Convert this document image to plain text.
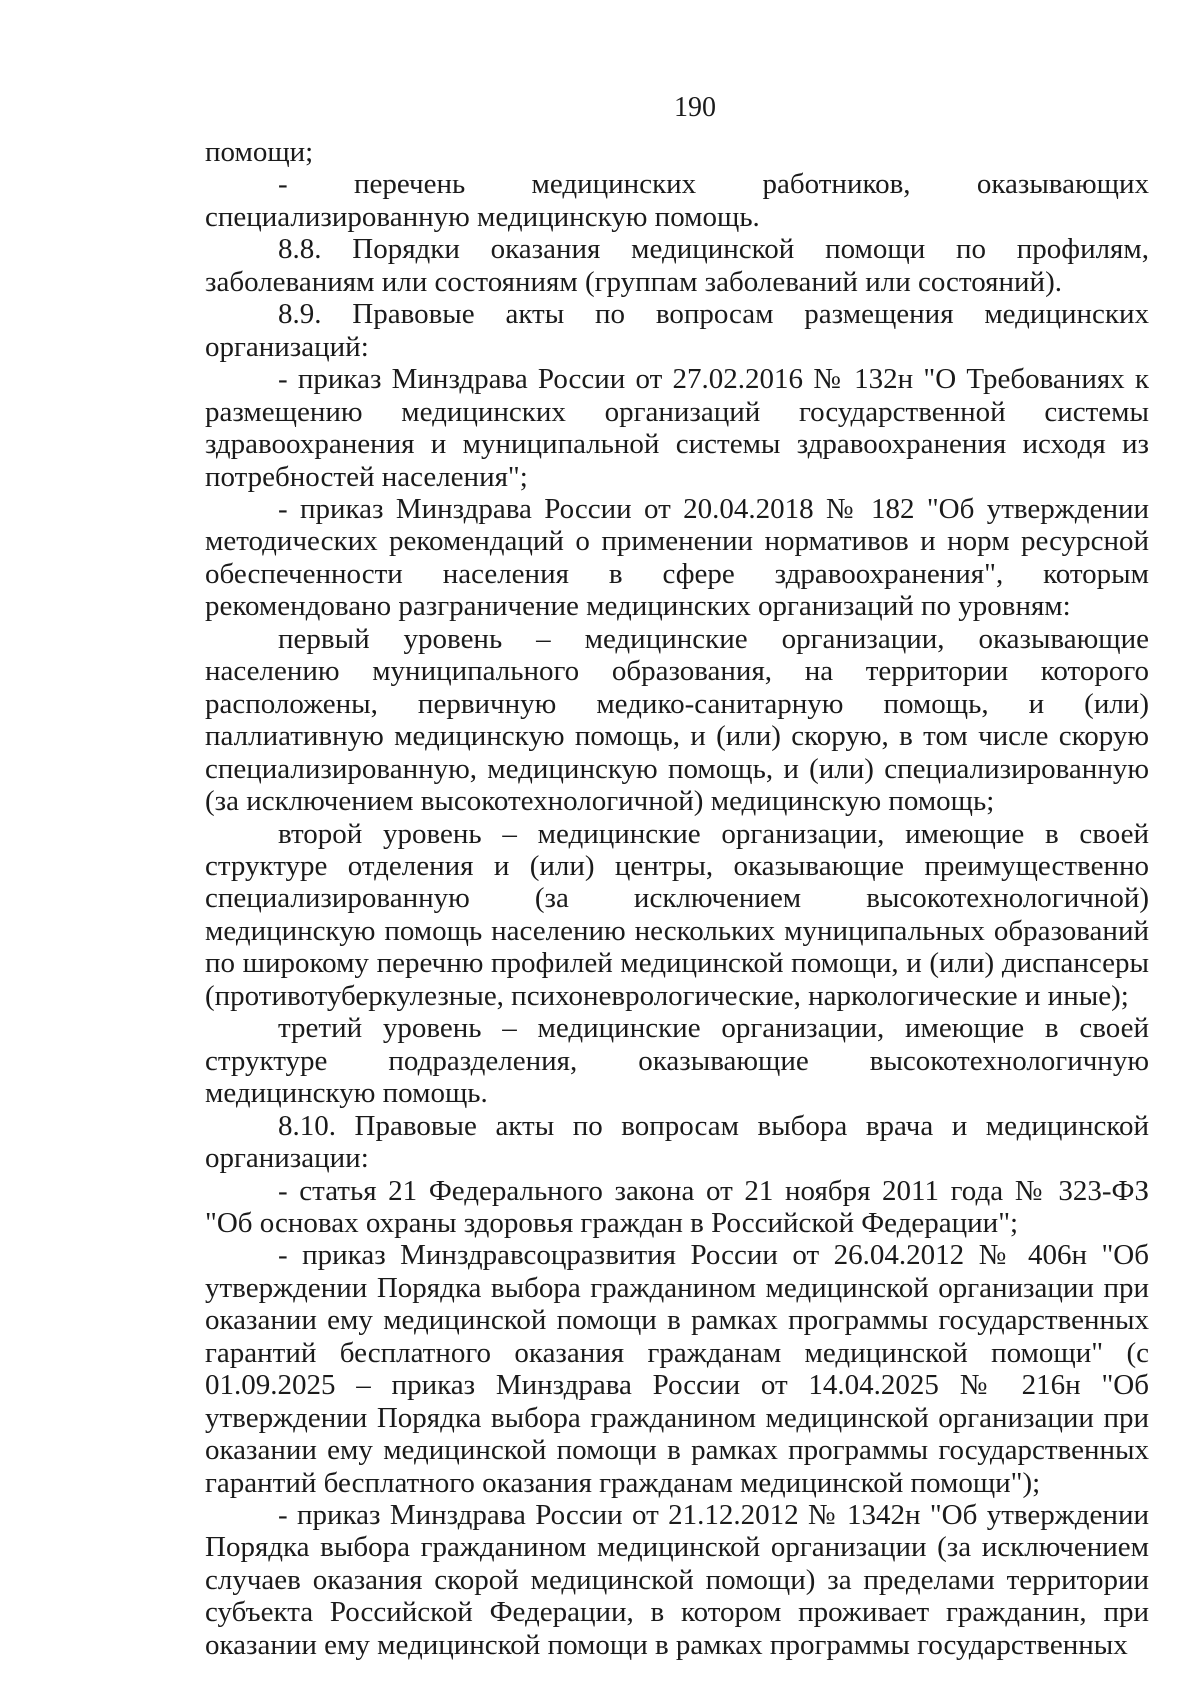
190

помощи;

- перечень медицинских работников, оказывающих специализированную медицинскую помощь.

8.8. Порядки оказания медицинской помощи по профилям, заболеваниям или состояниям (группам заболеваний или состояний).

8.9. Правовые акты по вопросам размещения медицинских организаций:

- приказ Минздрава России от 27.02.2016 № 132н "О Требованиях к размещению медицинских организаций государственной системы здравоохранения и муниципальной системы здравоохранения исходя из потребностей населения";

- приказ Минздрава России от 20.04.2018 № 182 "Об утверждении методических рекомендаций о применении нормативов и норм ресурсной обеспеченности населения в сфере здравоохранения", которым рекомендовано разграничение медицинских организаций по уровням:

первый уровень – медицинские организации, оказывающие населению муниципального образования, на территории которого расположены, первичную медико-санитарную помощь, и (или) паллиативную медицинскую помощь, и (или) скорую, в том числе скорую специализированную, медицинскую помощь, и (или) специализированную (за исключением высокотехнологичной) медицинскую помощь;

второй уровень – медицинские организации, имеющие в своей структуре отделения и (или) центры, оказывающие преимущественно специализированную (за исключением высокотехнологичной) медицинскую помощь населению нескольких муниципальных образований по широкому перечню профилей медицинской помощи, и (или) диспансеры (противотуберкулезные, психоневрологические, наркологические и иные);

третий уровень – медицинские организации, имеющие в своей структуре подразделения, оказывающие высокотехнологичную медицинскую помощь.

8.10. Правовые акты по вопросам выбора врача и медицинской организации:

- статья 21 Федерального закона от 21 ноября 2011 года № 323-ФЗ "Об основах охраны здоровья граждан в Российской Федерации";

- приказ Минздравсоцразвития России от 26.04.2012 № 406н "Об утверждении Порядка выбора гражданином медицинской организации при оказании ему медицинской помощи в рамках программы государственных гарантий бесплатного оказания гражданам медицинской помощи" (с 01.09.2025 – приказ Минздрава России от 14.04.2025 № 216н "Об утверждении Порядка выбора гражданином медицинской организации при оказании ему медицинской помощи в рамках программы государственных гарантий бесплатного оказания гражданам медицинской помощи");

- приказ Минздрава России от 21.12.2012 № 1342н "Об утверждении Порядка выбора гражданином медицинской организации (за исключением случаев оказания скорой медицинской помощи) за пределами территории субъекта Российской Федерации, в котором проживает гражданин, при оказании ему медицинской помощи в рамках программы государственных
